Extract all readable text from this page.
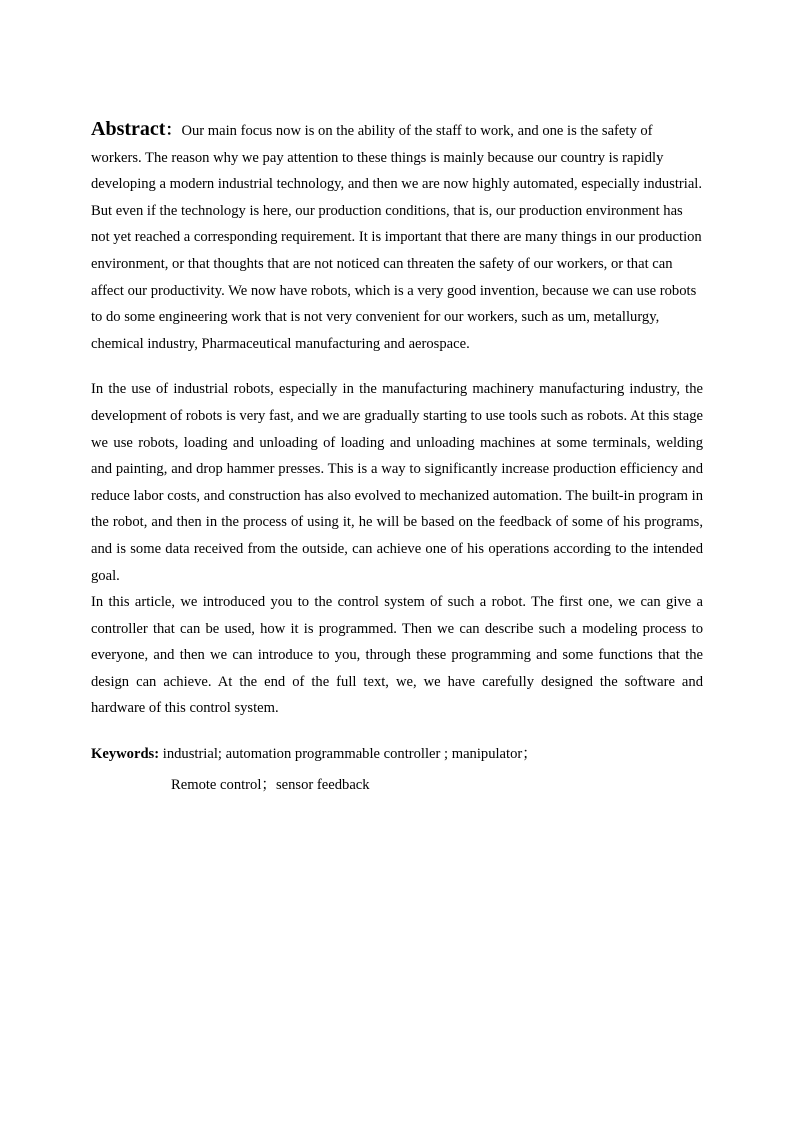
Abstract：Our main focus now is on the ability of the staff to work, and one is the safety of workers. The reason why we pay attention to these things is mainly because our country is rapidly developing a modern industrial technology, and then we are now highly automated, especially industrial. But even if the technology is here, our production conditions, that is, our production environment has not yet reached a corresponding requirement. It is important that there are many things in our production environment, or that thoughts that are not noticed can threaten the safety of our workers, or that can affect our productivity. We now have robots, which is a very good invention, because we can use robots to do some engineering work that is not very convenient for our workers, such as um, metallurgy, chemical industry, Pharmaceutical manufacturing and aerospace.

In the use of industrial robots, especially in the manufacturing machinery manufacturing industry, the development of robots is very fast, and we are gradually starting to use tools such as robots. At this stage we use robots, loading and unloading of loading and unloading machines at some terminals, welding and painting, and drop hammer presses. This is a way to significantly increase production efficiency and reduce labor costs, and construction has also evolved to mechanized automation. The built-in program in the robot, and then in the process of using it, he will be based on the feedback of some of his programs, and is some data received from the outside, can achieve one of his operations according to the intended goal.

In this article, we introduced you to the control system of such a robot. The first one, we can give a controller that can be used, how it is programmed. Then we can describe such a modeling process to everyone, and then we can introduce to you, through these programming and some functions that the design can achieve. At the end of the full text, we, we have carefully designed the software and hardware of this control system.

Keywords: industrial; automation programmable controller ; manipulator；
Remote control；sensor feedback
